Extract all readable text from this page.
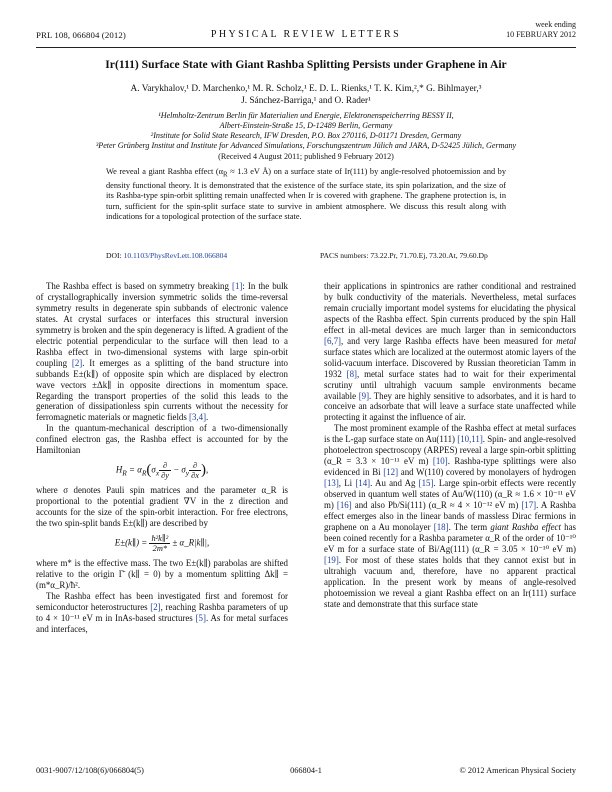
PRL 108, 066804 (2012)	PHYSICAL REVIEW LETTERS
week ending
10 FEBRUARY 2012
Ir(111) Surface State with Giant Rashba Splitting Persists under Graphene in Air
A. Varykhalov,¹ D. Marchenko,¹ M. R. Scholz,¹ E. D. L. Rienks,¹ T. K. Kim,²,* G. Bihlmayer,³
J. Sánchez-Barriga,¹ and O. Rader¹
¹Helmholtz-Zentrum Berlin für Materialien und Energie, Elektronenspeicherring BESSY II,
Albert-Einstein-Straße 15, D-12489 Berlin, Germany
²Institute for Solid State Research, IFW Dresden, P.O. Box 270116, D-01171 Dresden, Germany
³Peter Grünberg Institut and Institute for Advanced Simulations, Forschungszentrum Jülich and JARA, D-52425 Jülich, Germany
(Received 4 August 2011; published 9 February 2012)
We reveal a giant Rashba effect ($\alpha_R \approx 1.3$ eV Å) on a surface state of Ir(111) by angle-resolved photoemission and by density functional theory. It is demonstrated that the existence of the surface state, its spin polarization, and the size of its Rashba-type spin-orbit splitting remain unaffected when Ir is covered with graphene. The graphene protection is, in turn, sufficient for the spin-split surface state to survive in ambient atmosphere. We discuss this result along with indications for a topological protection of the surface state.
DOI: 10.1103/PhysRevLett.108.066804	PACS numbers: 73.22.Pr, 71.70.Ej, 73.20.At, 79.60.Dp

The Rashba effect is based on symmetry breaking [1]: In the bulk of crystallographically inversion symmetric solids the time-reversal symmetry results in degenerate spin subbands of electronic valence states. At crystal surfaces or interfaces this structural inversion symmetry is broken and the spin degeneracy is lifted. A gradient of the electric potential perpendicular to the surface will then lead to a Rashba effect in two-dimensional systems with large spin-orbit coupling [2]. It emerges as a splitting of the band structure into subbands E±(k∥) of opposite spin which are displaced by electron wave vectors ±Δk∥ in opposite directions in momentum space. Regarding the transport properties of the solid this leads to the generation of dissipationless spin currents without the necessity for ferromagnetic materials or magnetic fields [3,4].

In the quantum-mechanical description of a two-dimensionally confined electron gas, the Rashba effect is accounted for by the Hamiltonian

$H_R = \alpha_R(\sigma_x \frac{\partial}{\partial y} - \sigma_y \frac{\partial}{\partial x}$ ),

where σ denotes Pauli spin matrices and the parameter α_R is proportional to the potential gradient ∇V in the z direction and accounts for the size of the spin-orbit interaction. For free electrons, the two spin-split bands E±(k∥) are described by

E±(k∥) = $\frac{\text{ħ²k∥²}}{2m*}$ ± α_R|k∥|,

where m* is the effective mass. The two E±(k∥) parabolas are shifted relative to the origin Γ̄ (k∥ = 0) by a momentum splitting Δk∥ = (m*α_R)/ħ².

The Rashba effect has been investigated first and foremost for semiconductor heterostructures [2], reaching Rashba parameters of up to 4 × 10⁻¹¹ eV m in InAs-based structures [5]. As for metal surfaces and interfaces,

their applications in spintronics are rather conditional and restrained by bulk conductivity of the materials. Nevertheless, metal surfaces remain crucially important model systems for elucidating the physical aspects of the Rashba effect. Spin currents produced by the spin Hall effect in all-metal devices are much larger than in semiconductors [6,7], and very large Rashba effects have been measured for metal surface states which are localized at the outermost atomic layers of the solid-vacuum interface. Discovered by Russian theoretician Tamm in 1932 [8], metal surface states had to wait for their experimental scrutiny until ultrahigh vacuum sample environments became available [9]. They are highly sensitive to adsorbates, and it is hard to conceive an adsorbate that will leave a surface state unaffected while protecting it against the influence of air.

The most prominent example of the Rashba effect at metal surfaces is the L-gap surface state on Au(111) [10,11]. Spin- and angle-resolved photoelectron spectroscopy (ARPES) reveal a large spin-orbit splitting (α_R = 3.3 × 10⁻¹¹ eV m) [10]. Rashba-type splittings were also evidenced in Bi [12] and W(110) covered by monolayers of hydrogen [13], Li [14]. Au and Ag [15]. Large spin-orbit effects were recently observed in quantum well states of Au/W(110) (α_R ≈ 1.6 × 10⁻¹¹ eV m) [16] and also Pb/Si(111) (α_R ≈ 4 × 10⁻¹² eV m) [17]. A Rashba effect emerges also in the linear bands of massless Dirac fermions in graphene on a Au monolayer [18]. The term giant Rashba effect has been coined recently for a Rashba parameter α_R of the order of 10⁻¹⁰ eV m for a surface state of Bi/Ag(111) (α_R = 3.05 × 10⁻¹⁰ eV m) [19]. For most of these states holds that they cannot exist but in ultrahigh vacuum and, therefore, have no apparent practical application. In the present work by means of angle-resolved photoemission we reveal a giant Rashba effect on an Ir(111) surface state and demonstrate that this surface state

0031-9007/12/108(6)/066804(5)	066804-1	© 2012 American Physical Society
